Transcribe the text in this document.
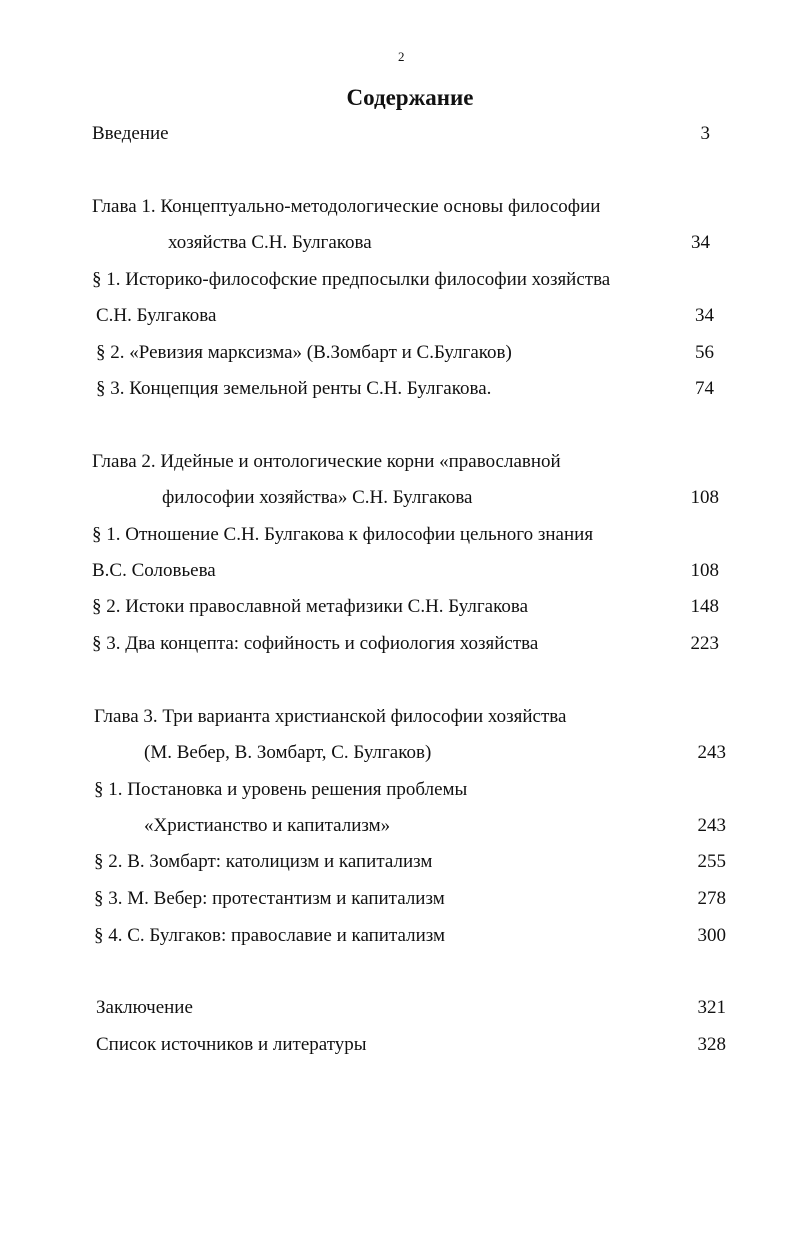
2
Содержание
Введение	3
Глава 1. Концептуально-методологические основы философии
хозяйства С.Н. Булгакова	34
§ 1. Историко-философские предпосылки философии хозяйства
С.Н. Булгакова	34
§ 2. «Ревизия марксизма» (В.Зомбарт и С.Булгаков)	56
§ 3. Концепция земельной ренты С.Н. Булгакова.	74
Глава 2. Идейные и онтологические корни «православной
философии хозяйства» С.Н. Булгакова	108
§ 1. Отношение С.Н. Булгакова к философии цельного знания
В.С. Соловьева	108
§ 2. Истоки православной метафизики С.Н. Булгакова	148
§ 3. Два концепта: софийность и софиология хозяйства	223
Глава 3. Три варианта христианской философии хозяйства
(М. Вебер, В. Зомбарт, С. Булгаков)	243
§ 1. Постановка и уровень решения проблемы
«Христианство и капитализм»	243
§ 2. В. Зомбарт: католицизм и капитализм	255
§ 3. М. Вебер: протестантизм и капитализм	278
§ 4. С. Булгаков: православие и капитализм	300
Заключение	321
Список источников и литературы	328
